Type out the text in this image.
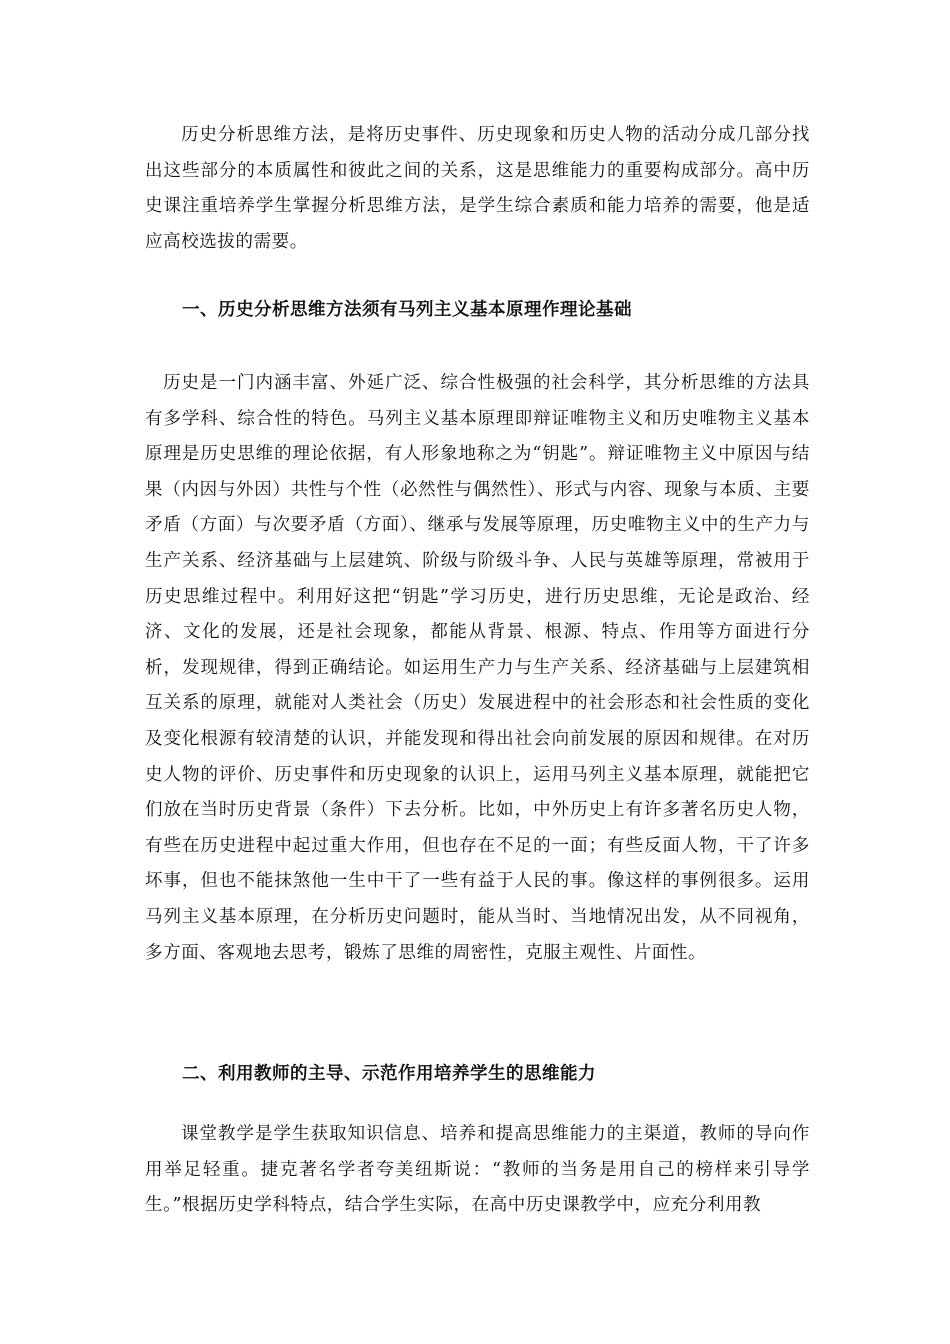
历史分析思维方法，是将历史事件、历史现象和历史人物的活动分成几部分找出这些部分的本质属性和彼此之间的关系，这是思维能力的重要构成部分。高中历史课注重培养学生掌握分析思维方法，是学生综合素质和能力培养的需要，他是适应高校选拔的需要。

一、历史分析思维方法须有马列主义基本原理作理论基础

历史是一门内涵丰富、外延广泛、综合性极强的社会科学，其分析思维的方法具有多学科、综合性的特色。马列主义基本原理即辩证唯物主义和历史唯物主义基本原理是历史思维的理论依据，有人形象地称之为“钥匙”。辩证唯物主义中原因与结果（内因与外因）共性与个性（必然性与偶然性）、形式与内容、现象与本质、主要矛盾（方面）与次要矛盾（方面）、继承与发展等原理，历史唯物主义中的生产力与生产关系、经济基础与上层建筑、阶级与阶级斗争、人民与英雄等原理，常被用于历史思维过程中。利用好这把“钥匙”学习历史，进行历史思维，无论是政治、经济、文化的发展，还是社会现象，都能从背景、根源、特点、作用等方面进行分析，发现规律，得到正确结论。如运用生产力与生产关系、经济基础与上层建筑相互关系的原理，就能对人类社会（历史）发展进程中的社会形态和社会性质的变化及变化根源有较清楚的认识，并能发现和得出社会向前发展的原因和规律。在对历史人物的评价、历史事件和历史现象的认识上，运用马列主义基本原理，就能把它们放在当时历史背景（条件）下去分析。比如，中外历史上有许多著名历史人物，有些在历史进程中起过重大作用，但也存在不足的一面；有些反面人物，干了许多坏事，但也不能抹煞他一生中干了一些有益于人民的事。像这样的事例很多。运用马列主义基本原理，在分析历史问题时，能从当时、当地情况出发，从不同视角，多方面、客观地去思考，锻炼了思维的周密性，克服主观性、片面性。

二、利用教师的主导、示范作用培养学生的思维能力

课堂教学是学生获取知识信息、培养和提高思维能力的主渠道，教师的导向作用举足轻重。捷克著名学者夸美纽斯说：“教师的当务是用自己的榜样来引导学生。”根据历史学科特点，结合学生实际，在高中历史课教学中，应充分利用教
